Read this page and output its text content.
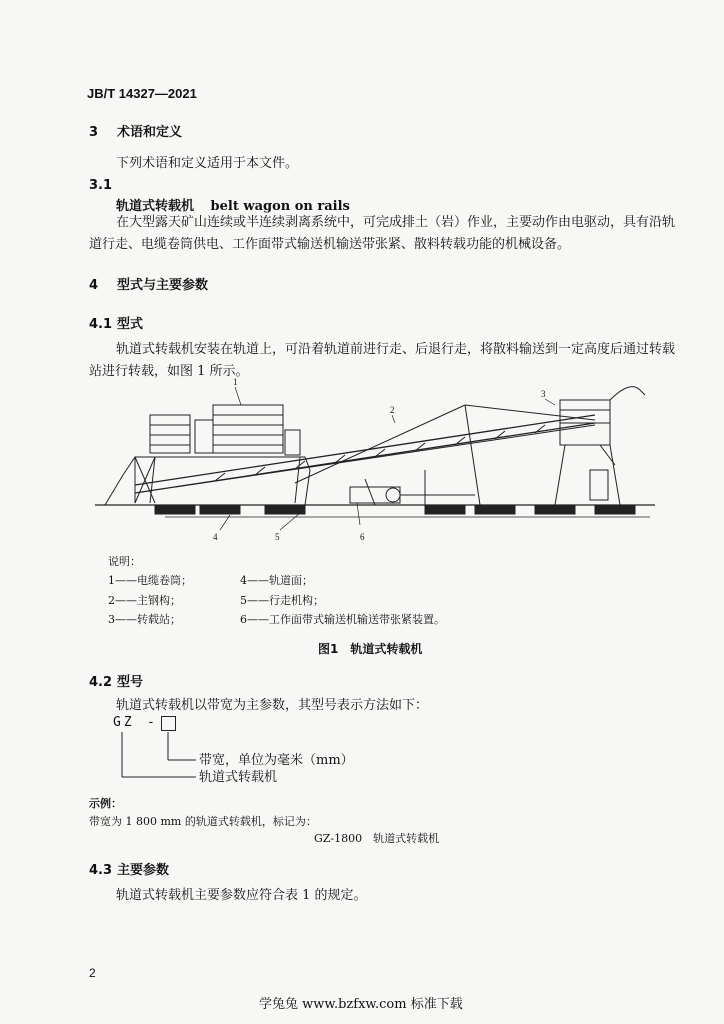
JB/T 14327—2021
3 术语和定义
下列术语和定义适用于本文件。
3.1
轨道式转载机 belt wagon on rails
在大型露天矿山连续或半连续剥离系统中，可完成排土（岩）作业，主要动作由电驱动，具有沿轨
道行走、电缆卷筒供电、工作面带式输送机输送带张紧、散料转载功能的机械设备。
4 型式与主要参数
4.1 型式
轨道式转载机安装在轨道上，可沿着轨道前进行走、后退行走，将散料输送到一定高度后通过转载
站进行转载，如图 1 所示。
1
2
3
4	5	6
说明：
1——电缆卷筒；	4——轨道面；
2——主钢构；	5——行走机构；
3——转载站；	6——工作面带式输送机输送带张紧装置。
图1　轨道式转载机
4.2 型号
轨道式转载机以带宽为主参数，其型号表示方法如下：
GZ -
带宽，单位为毫米（mm）
轨道式转载机
示例：
带宽为 1 800 mm 的轨道式转载机，标记为：
GZ-1800　轨道式转载机
4.3 主要参数
轨道式转载机主要参数应符合表 1 的规定。
2
学兔兔 www.bzfxw.com 标准下载
